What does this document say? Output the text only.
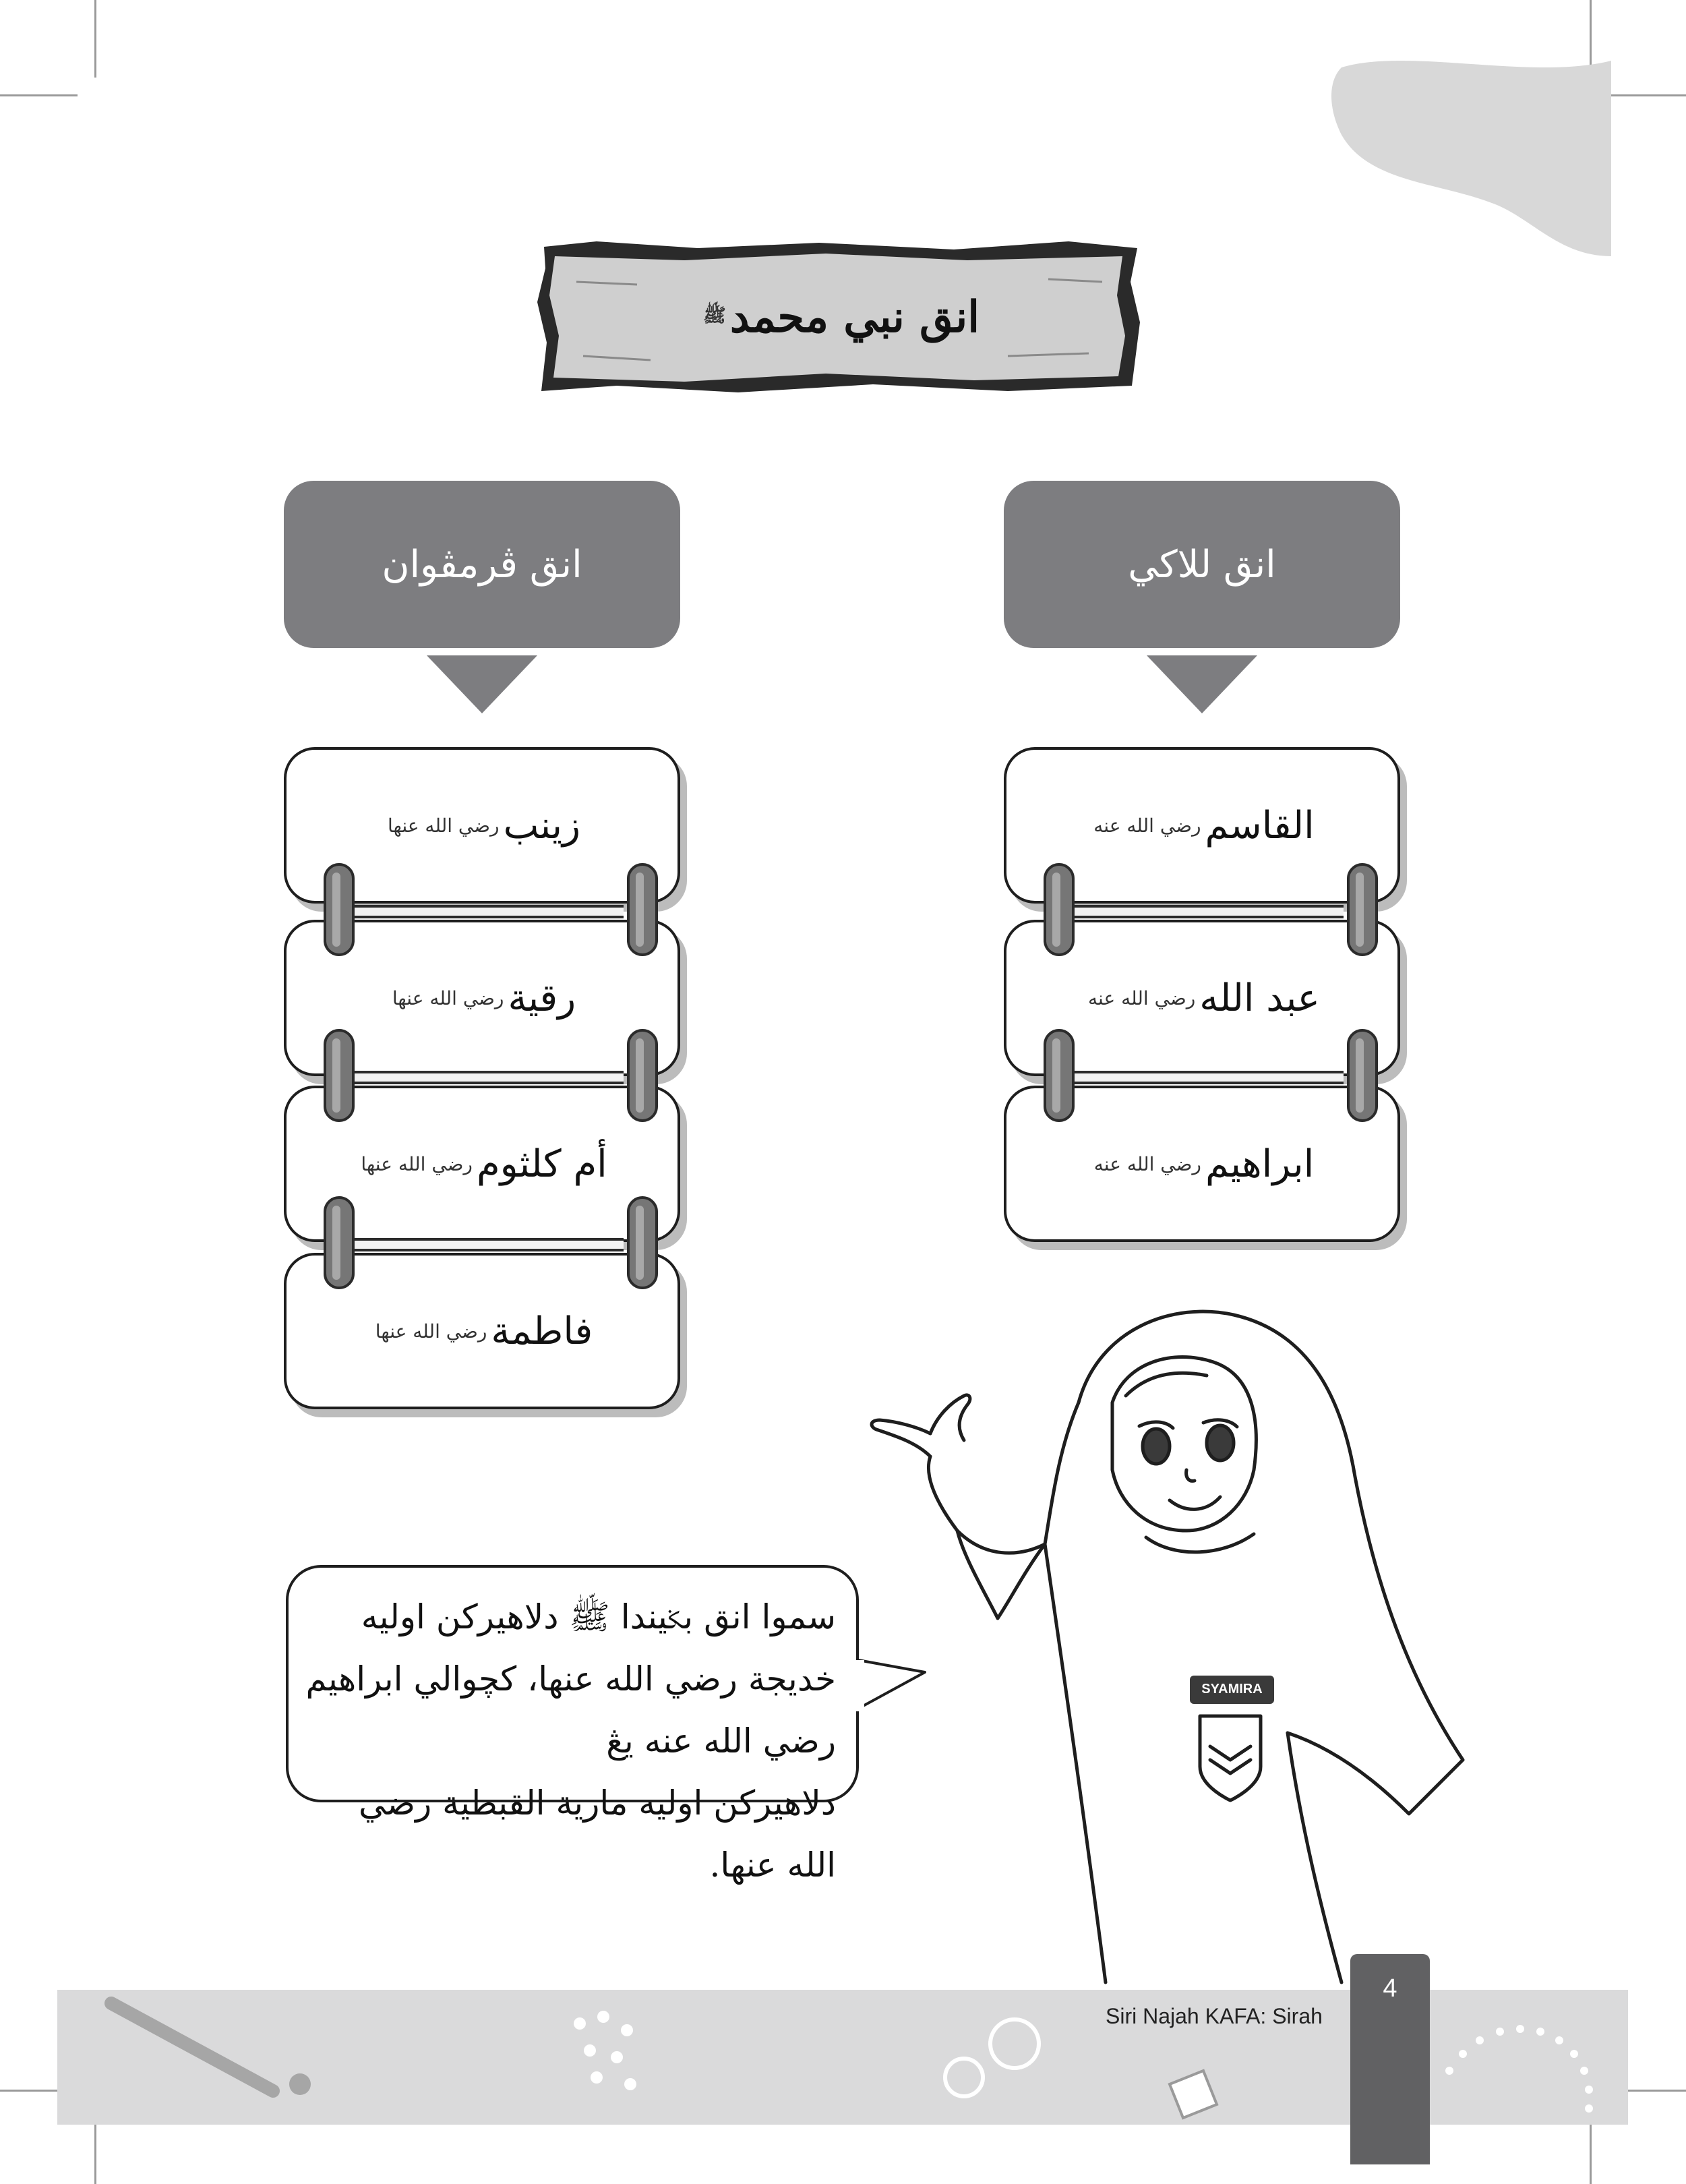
انق نبي محمد
ﷺ
انق ڤرمڤوان	انق للاكي
زينب
رضي الله عنها
رقية
رضي الله عنها
أم كلثوم
رضي الله عنها
فاطمة
رضي الله عنها
القاسم
رضي الله عنه
عبد الله
رضي الله عنه
ابراهيم
رضي الله عنه
SYAMIRA
سموا انق بݢيندا ﷺ دلاهيركن اوليه
خديجة رضي الله عنها، كچوالي ابراهيم رضي الله عنه يڠ
دلاهيركن اوليه مارية القبطية رضي الله عنها.
Siri Najah KAFA: Sirah
4
